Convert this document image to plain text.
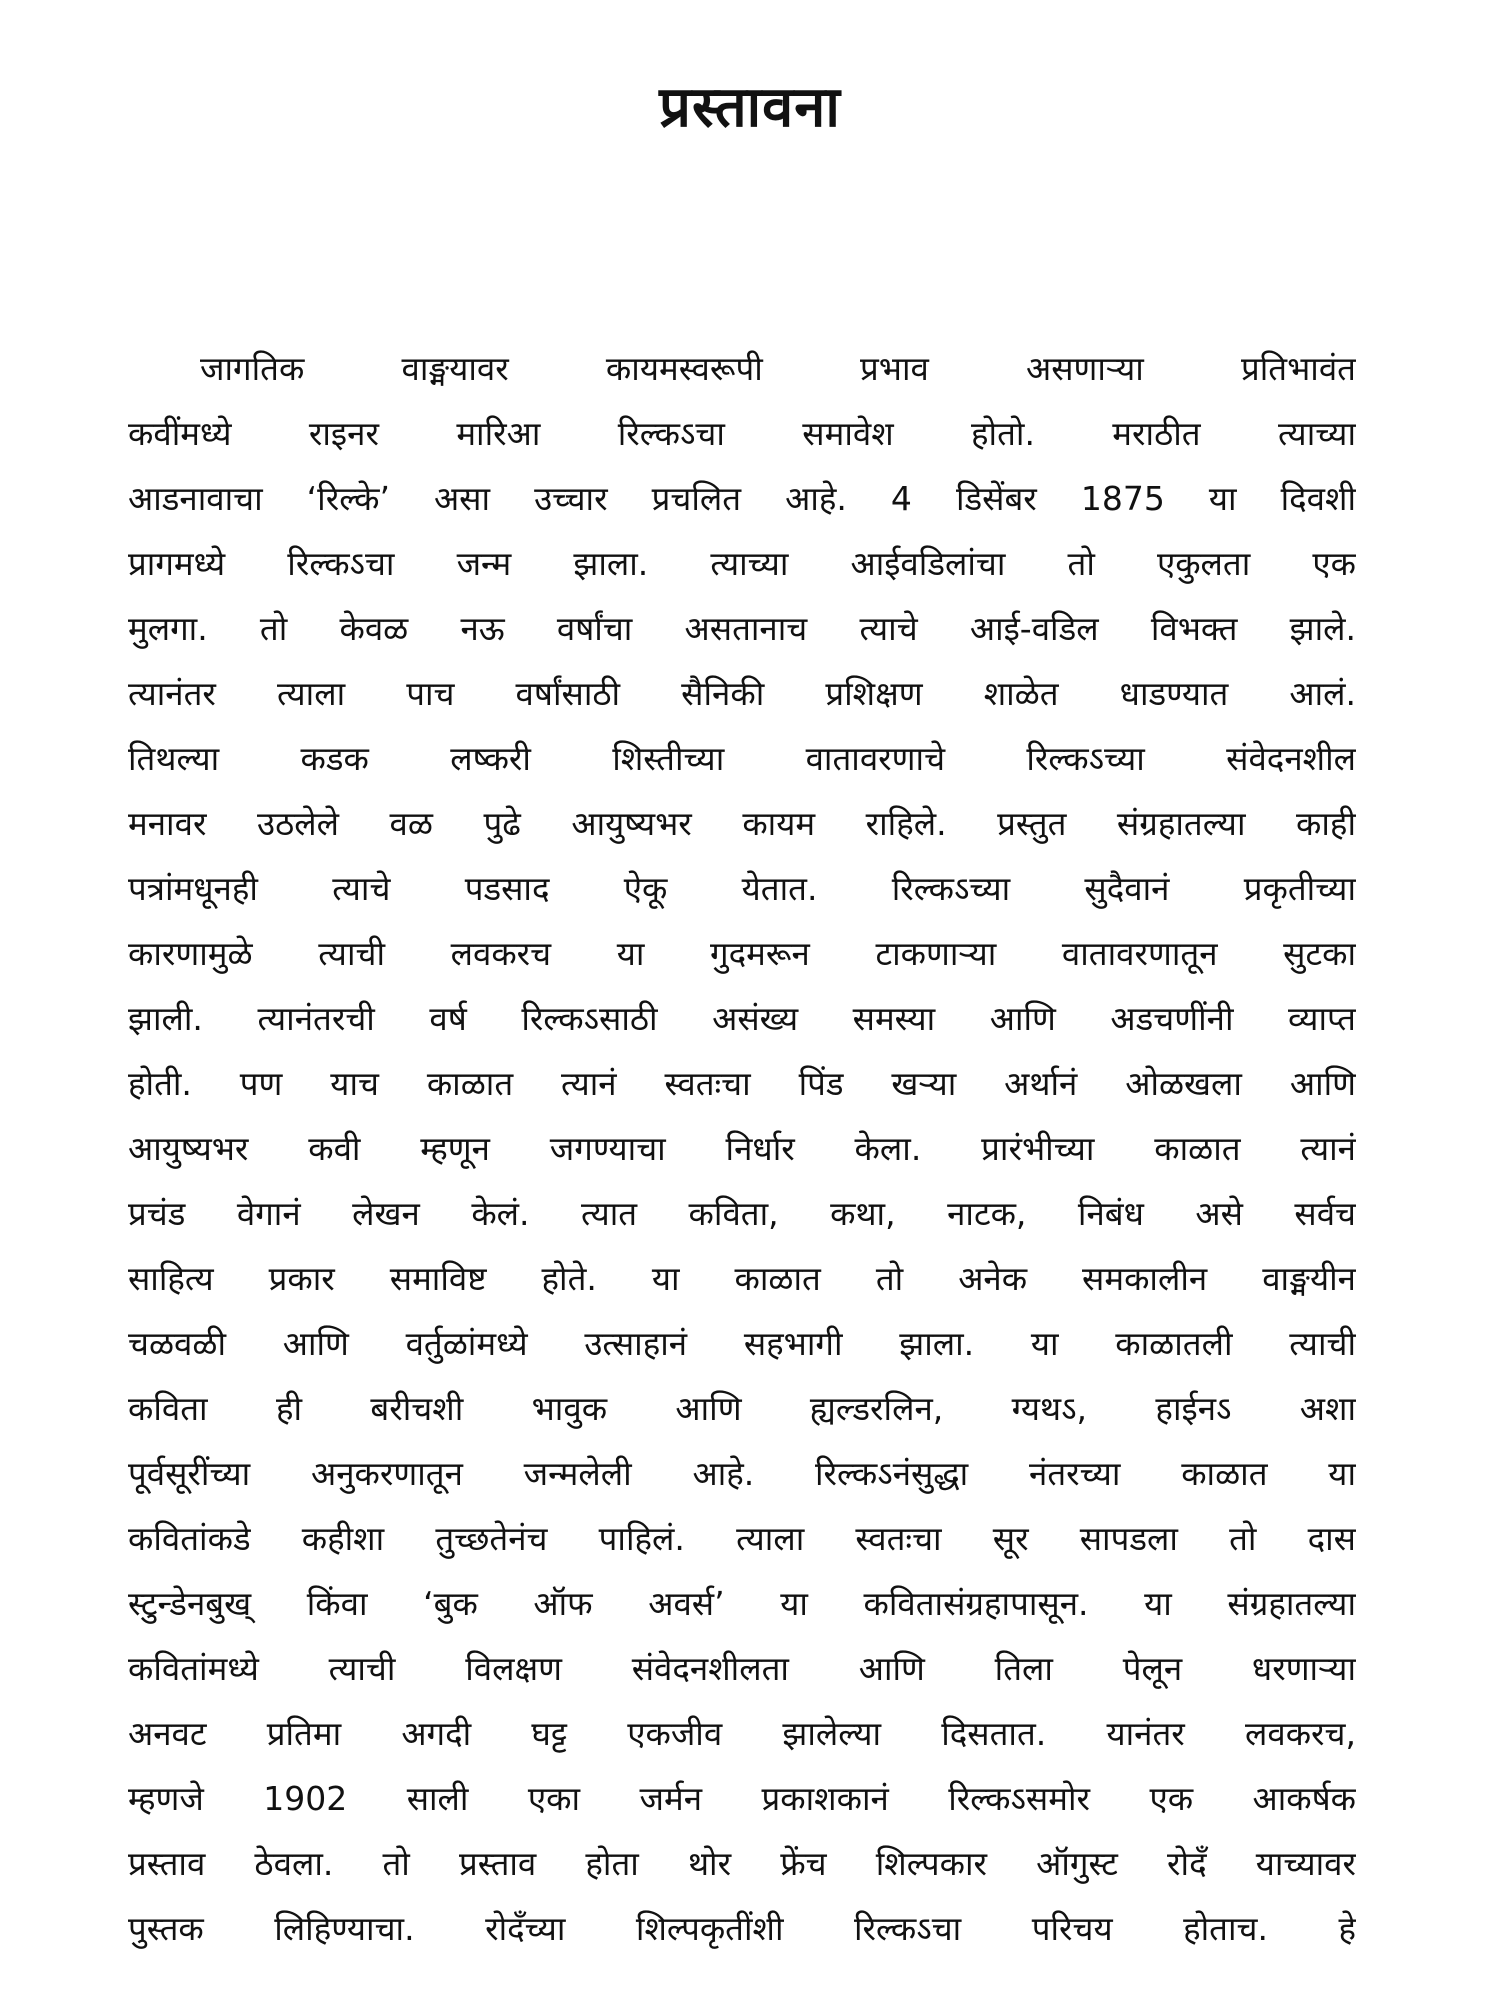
प्रस्तावना
जागतिक वाङ्मयावर कायमस्वरूपी प्रभाव असणाऱ्या प्रतिभावंत
कवींमध्ये राइनर मारिआ रिल्कऽचा समावेश होतो. मराठीत त्याच्या
आडनावाचा ‘रिल्के’ असा उच्चार प्रचलित आहे. 4 डिसेंबर 1875 या दिवशी
प्रागमध्ये रिल्कऽचा जन्म झाला. त्याच्या आईवडिलांचा तो एकुलता एक
मुलगा. तो केवळ नऊ वर्षांचा असतानाच त्याचे आई-वडिल विभक्त झाले.
त्यानंतर त्याला पाच वर्षांसाठी सैनिकी प्रशिक्षण शाळेत धाडण्यात आलं.
तिथल्या कडक लष्करी शिस्तीच्या वातावरणाचे रिल्कऽच्या संवेदनशील
मनावर उठलेले वळ पुढे आयुष्यभर कायम राहिले. प्रस्तुत संग्रहातल्या काही
पत्रांमधूनही त्याचे पडसाद ऐकू येतात. रिल्कऽच्या सुदैवानं प्रकृतीच्या
कारणामुळे त्याची लवकरच या गुदमरून टाकणाऱ्या वातावरणातून सुटका
झाली. त्यानंतरची वर्ष रिल्कऽसाठी असंख्य समस्या आणि अडचणींनी व्याप्त
होती. पण याच काळात त्यानं स्वतःचा पिंड खऱ्या अर्थानं ओळखला आणि
आयुष्यभर कवी म्हणून जगण्याचा निर्धार केला. प्रारंभीच्या काळात त्यानं
प्रचंड वेगानं लेखन केलं. त्यात कविता, कथा, नाटक, निबंध असे सर्वच
साहित्य प्रकार समाविष्ट होते. या काळात तो अनेक समकालीन वाङ्मयीन
चळवळी आणि वर्तुळांमध्ये उत्साहानं सहभागी झाला. या काळातली त्याची
कविता ही बरीचशी भावुक आणि ह्यल्डरलिन, ग्यथऽ, हाईनऽ अशा
पूर्वसूरींच्या अनुकरणातून जन्मलेली आहे. रिल्कऽनंसुद्धा नंतरच्या काळात या
कवितांकडे कहीशा तुच्छतेनंच पाहिलं. त्याला स्वतःचा सूर सापडला तो दास
स्टुन्डेनबुख् किंवा ‘बुक ऑफ अवर्स’ या कवितासंग्रहापासून. या संग्रहातल्या
कवितांमध्ये त्याची विलक्षण संवेदनशीलता आणि तिला पेलून धरणाऱ्या
अनवट प्रतिमा अगदी घट्ट एकजीव झालेल्या दिसतात. यानंतर लवकरच,
म्हणजे 1902 साली एका जर्मन प्रकाशकानं रिल्कऽसमोर एक आकर्षक
प्रस्ताव ठेवला. तो प्रस्ताव होता थोर फ्रेंच शिल्पकार ऑगुस्ट रोदँ याच्यावर
पुस्तक लिहिण्याचा. रोदँच्या शिल्पकृतींशी रिल्कऽचा परिचय होताच. हे
